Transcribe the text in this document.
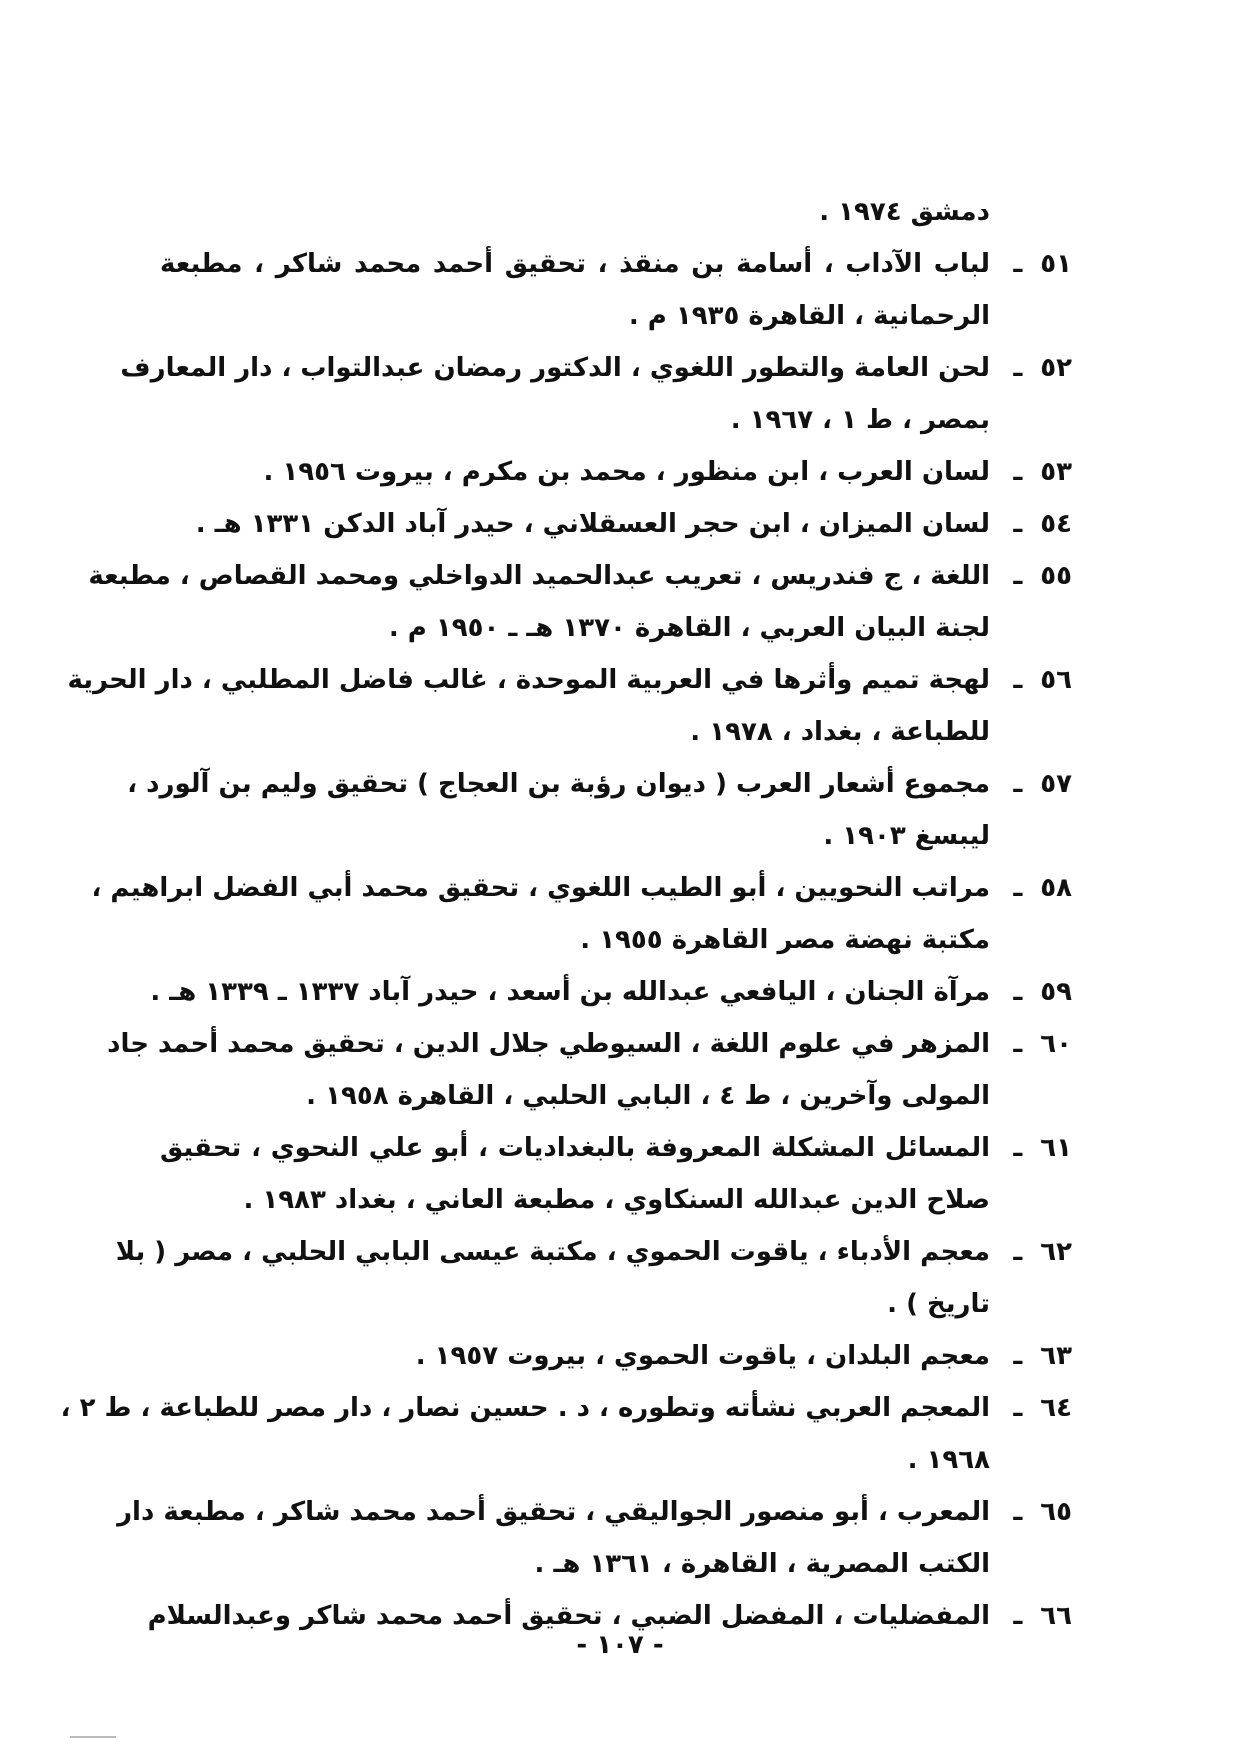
دمشق ١٩٧٤ .
٥١ـ
لباب الآداب ، أسامة بن منقذ ، تحقيق أحمد محمد شاكر ، مطبعة
الرحمانية ، القاهرة ١٩٣٥ م .
٥٢ـ
لحن العامة والتطور اللغوي ، الدكتور رمضان عبدالتواب ، دار المعارف
بمصر ، ط ١ ، ١٩٦٧ .
٥٣ـ
لسان العرب ، ابن منظور ، محمد بن مكرم ، بيروت ١٩٥٦ .
٥٤ـ
لسان الميزان ، ابن حجر العسقلاني ، حيدر آباد الدكن ١٣٣١ هـ .
٥٥ـ
اللغة ، ج فندريس ، تعريب عبدالحميد الدواخلي ومحمد القصاص ، مطبعة
لجنة البيان العربي ، القاهرة ١٣٧٠ هـ ـ ١٩٥٠ م .
٥٦ـ
لهجة تميم وأثرها في العربية الموحدة ، غالب فاضل المطلبي ، دار الحرية
للطباعة ، بغداد ، ١٩٧٨ .
٥٧ـ
مجموع أشعار العرب ( ديوان رؤبة بن العجاج ) تحقيق وليم بن آلورد ،
ليبسغ ١٩٠٣ .
٥٨ـ
مراتب النحويين ، أبو الطيب اللغوي ، تحقيق محمد أبي الفضل ابراهيم ،
مكتبة نهضة مصر القاهرة ١٩٥٥ .
٥٩ـ
مرآة الجنان ، اليافعي عبدالله بن أسعد ، حيدر آباد ١٣٣٧ ـ ١٣٣٩ هـ .
٦٠ـ
المزهر في علوم اللغة ، السيوطي جلال الدين ، تحقيق محمد أحمد جاد
المولى وآخرين ، ط ٤ ، البابي الحلبي ، القاهرة ١٩٥٨ .
٦١ـ
المسائل المشكلة المعروفة بالبغداديات ، أبو علي النحوي ، تحقيق
صلاح الدين عبدالله السنكاوي ، مطبعة العاني ، بغداد ١٩٨٣ .
٦٢ـ
معجم الأدباء ، ياقوت الحموي ، مكتبة عيسى البابي الحلبي ، مصر ( بلا
تاريخ ) .
٦٣ـ
معجم البلدان ، ياقوت الحموي ، بيروت ١٩٥٧ .
٦٤ـ
المعجم العربي نشأته وتطوره ، د . حسين نصار ، دار مصر للطباعة ، ط ٢ ،
١٩٦٨ .
٦٥ـ
المعرب ، أبو منصور الجواليقي ، تحقيق أحمد محمد شاكر ، مطبعة دار
الكتب المصرية ، القاهرة ، ١٣٦١ هـ .
٦٦ـ
المفضليات ، المفضل الضبي ، تحقيق أحمد محمد شاكر وعبدالسلام
- ١٠٧ -
